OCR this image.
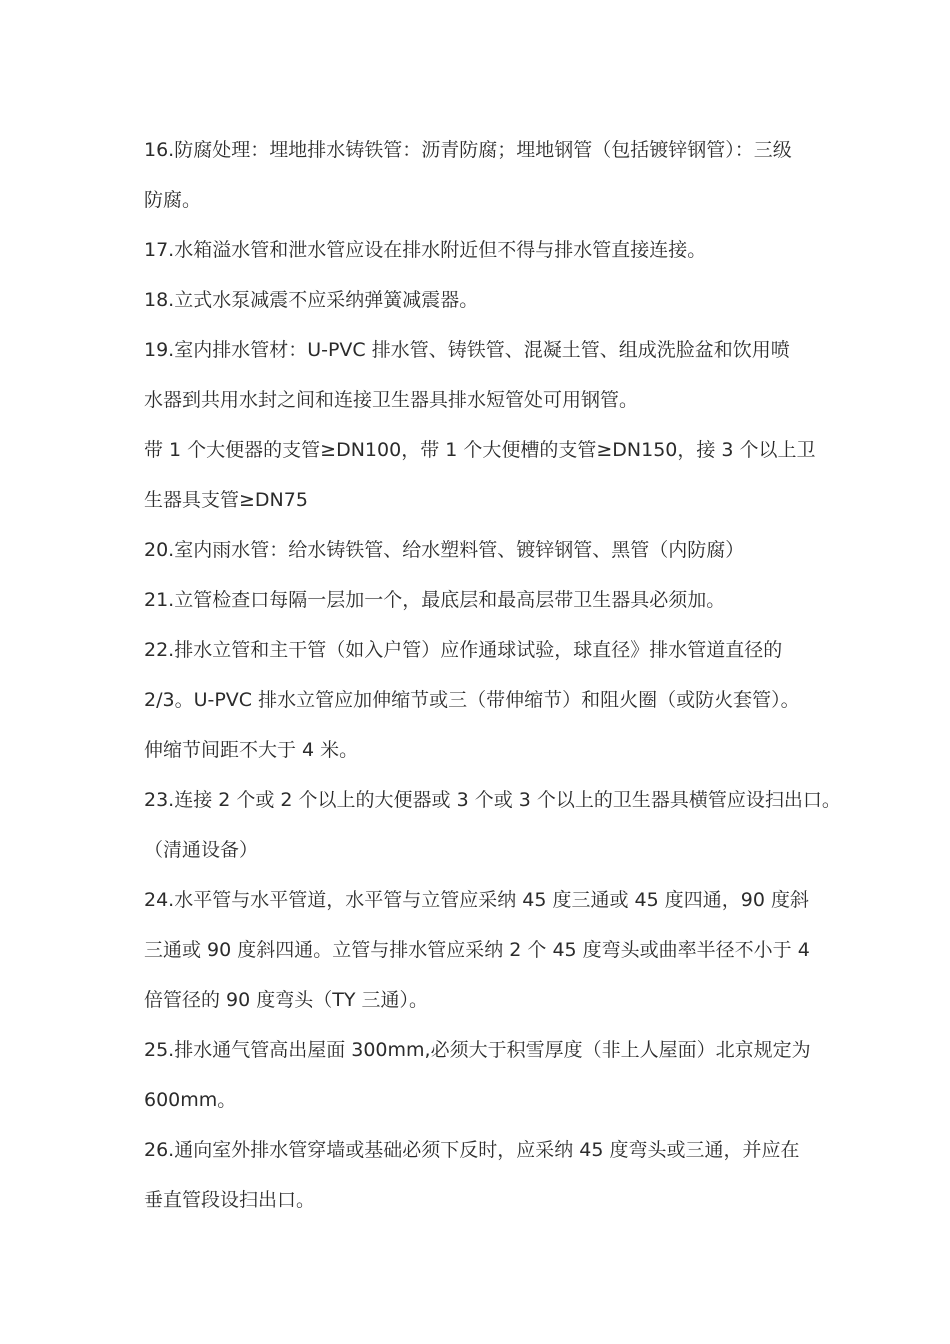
16.防腐处理：埋地排水铸铁管：沥青防腐；埋地钢管（包括镀锌钢管）：三级
防腐。
17.水箱溢水管和泄水管应设在排水附近但不得与排水管直接连接。
18.立式水泵减震不应采纳弹簧减震器。
19.室内排水管材：U-PVC 排水管、铸铁管、混凝土管、组成洗脸盆和饮用喷
水器到共用水封之间和连接卫生器具排水短管处可用钢管。
带 1 个大便器的支管≥DN100，带 1 个大便槽的支管≥DN150，接 3 个以上卫
生器具支管≥DN75
20.室内雨水管：给水铸铁管、给水塑料管、镀锌钢管、黑管（内防腐）
21.立管检查口每隔一层加一个，最底层和最高层带卫生器具必须加。
22.排水立管和主干管（如入户管）应作通球试验，球直径》排水管道直径的
2/3。U-PVC 排水立管应加伸缩节或三（带伸缩节）和阻火圈（或防火套管）。
伸缩节间距不大于 4 米。
23.连接 2 个或 2 个以上的大便器或 3 个或 3 个以上的卫生器具横管应设扫出口。
（清通设备）
24.水平管与水平管道，水平管与立管应采纳 45 度三通或 45 度四通，90 度斜
三通或 90 度斜四通。立管与排水管应采纳 2 个 45 度弯头或曲率半径不小于 4
倍管径的 90 度弯头（TY 三通）。
25.排水通气管高出屋面 300mm,必须大于积雪厚度（非上人屋面）北京规定为
600mm。
26.通向室外排水管穿墙或基础必须下反时，应采纳 45 度弯头或三通，并应在
垂直管段设扫出口。
